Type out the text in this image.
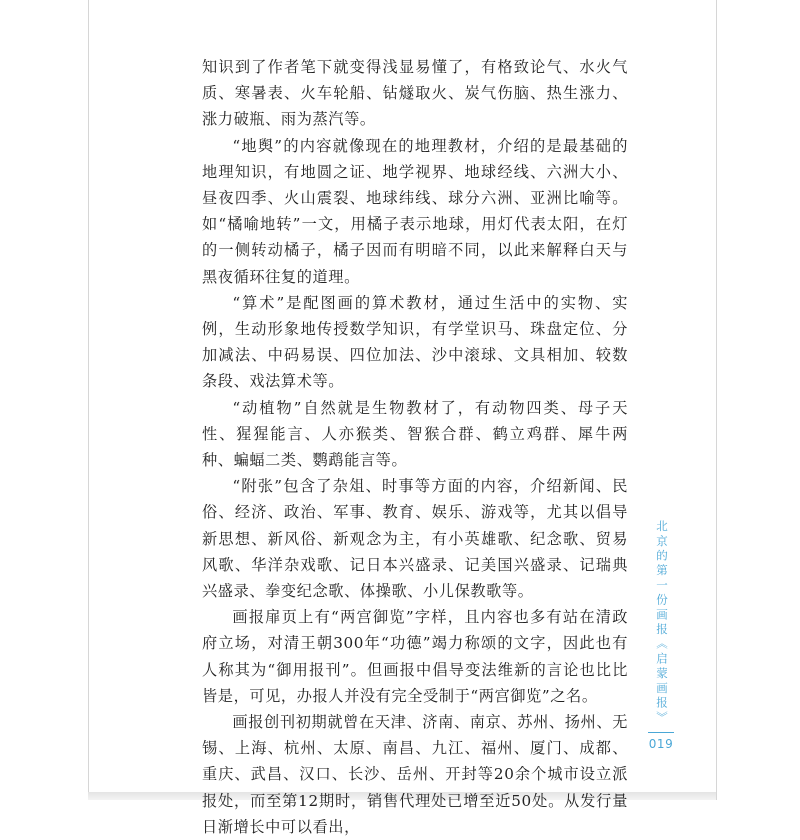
知识到了作者笔下就变得浅显易懂了，有格致论气、水火气质、寒暑表、火车轮船、钻燧取火、炭气伤脑、热生涨力、涨力破瓶、雨为蒸汽等。

“地舆”的内容就像现在的地理教材，介绍的是最基础的地理知识，有地圆之证、地学视界、地球经线、六洲大小、昼夜四季、火山震裂、地球纬线、球分六洲、亚洲比喻等。如“橘喻地转”一文，用橘子表示地球，用灯代表太阳，在灯的一侧转动橘子，橘子因而有明暗不同，以此来解释白天与黑夜循环往复的道理。

“算术”是配图画的算术教材，通过生活中的实物、实例，生动形象地传授数学知识，有学堂识马、珠盘定位、分加减法、中码易误、四位加法、沙中滚球、文具相加、较数条段、戏法算术等。

“动植物”自然就是生物教材了，有动物四类、母子天性、猩猩能言、人亦猴类、智猴合群、鹤立鸡群、犀牛两种、蝙蝠二类、鹦鹉能言等。

“附张”包含了杂俎、时事等方面的内容，介绍新闻、民俗、经济、政治、军事、教育、娱乐、游戏等，尤其以倡导新思想、新风俗、新观念为主，有小英雄歌、纪念歌、贸易风歌、华洋杂戏歌、记日本兴盛录、记美国兴盛录、记瑞典兴盛录、拳变纪念歌、体操歌、小儿保教歌等。

画报扉页上有“两宫御览”字样，且内容也多有站在清政府立场，对清王朝300年“功德”竭力称颂的文字，因此也有人称其为“御用报刊”。但画报中倡导变法维新的言论也比比皆是，可见，办报人并没有完全受制于“两宫御览”之名。

画报创刊初期就曾在天津、济南、南京、苏州、扬州、无锡、上海、杭州、太原、南昌、九江、福州、厦门、成都、重庆、武昌、汉口、长沙、岳州、开封等20余个城市设立派报处，而至第12期时，销售代理处已增至近50处。从发行量日渐增长中可以看出，

北京的第一份画报《启蒙画报》
019
